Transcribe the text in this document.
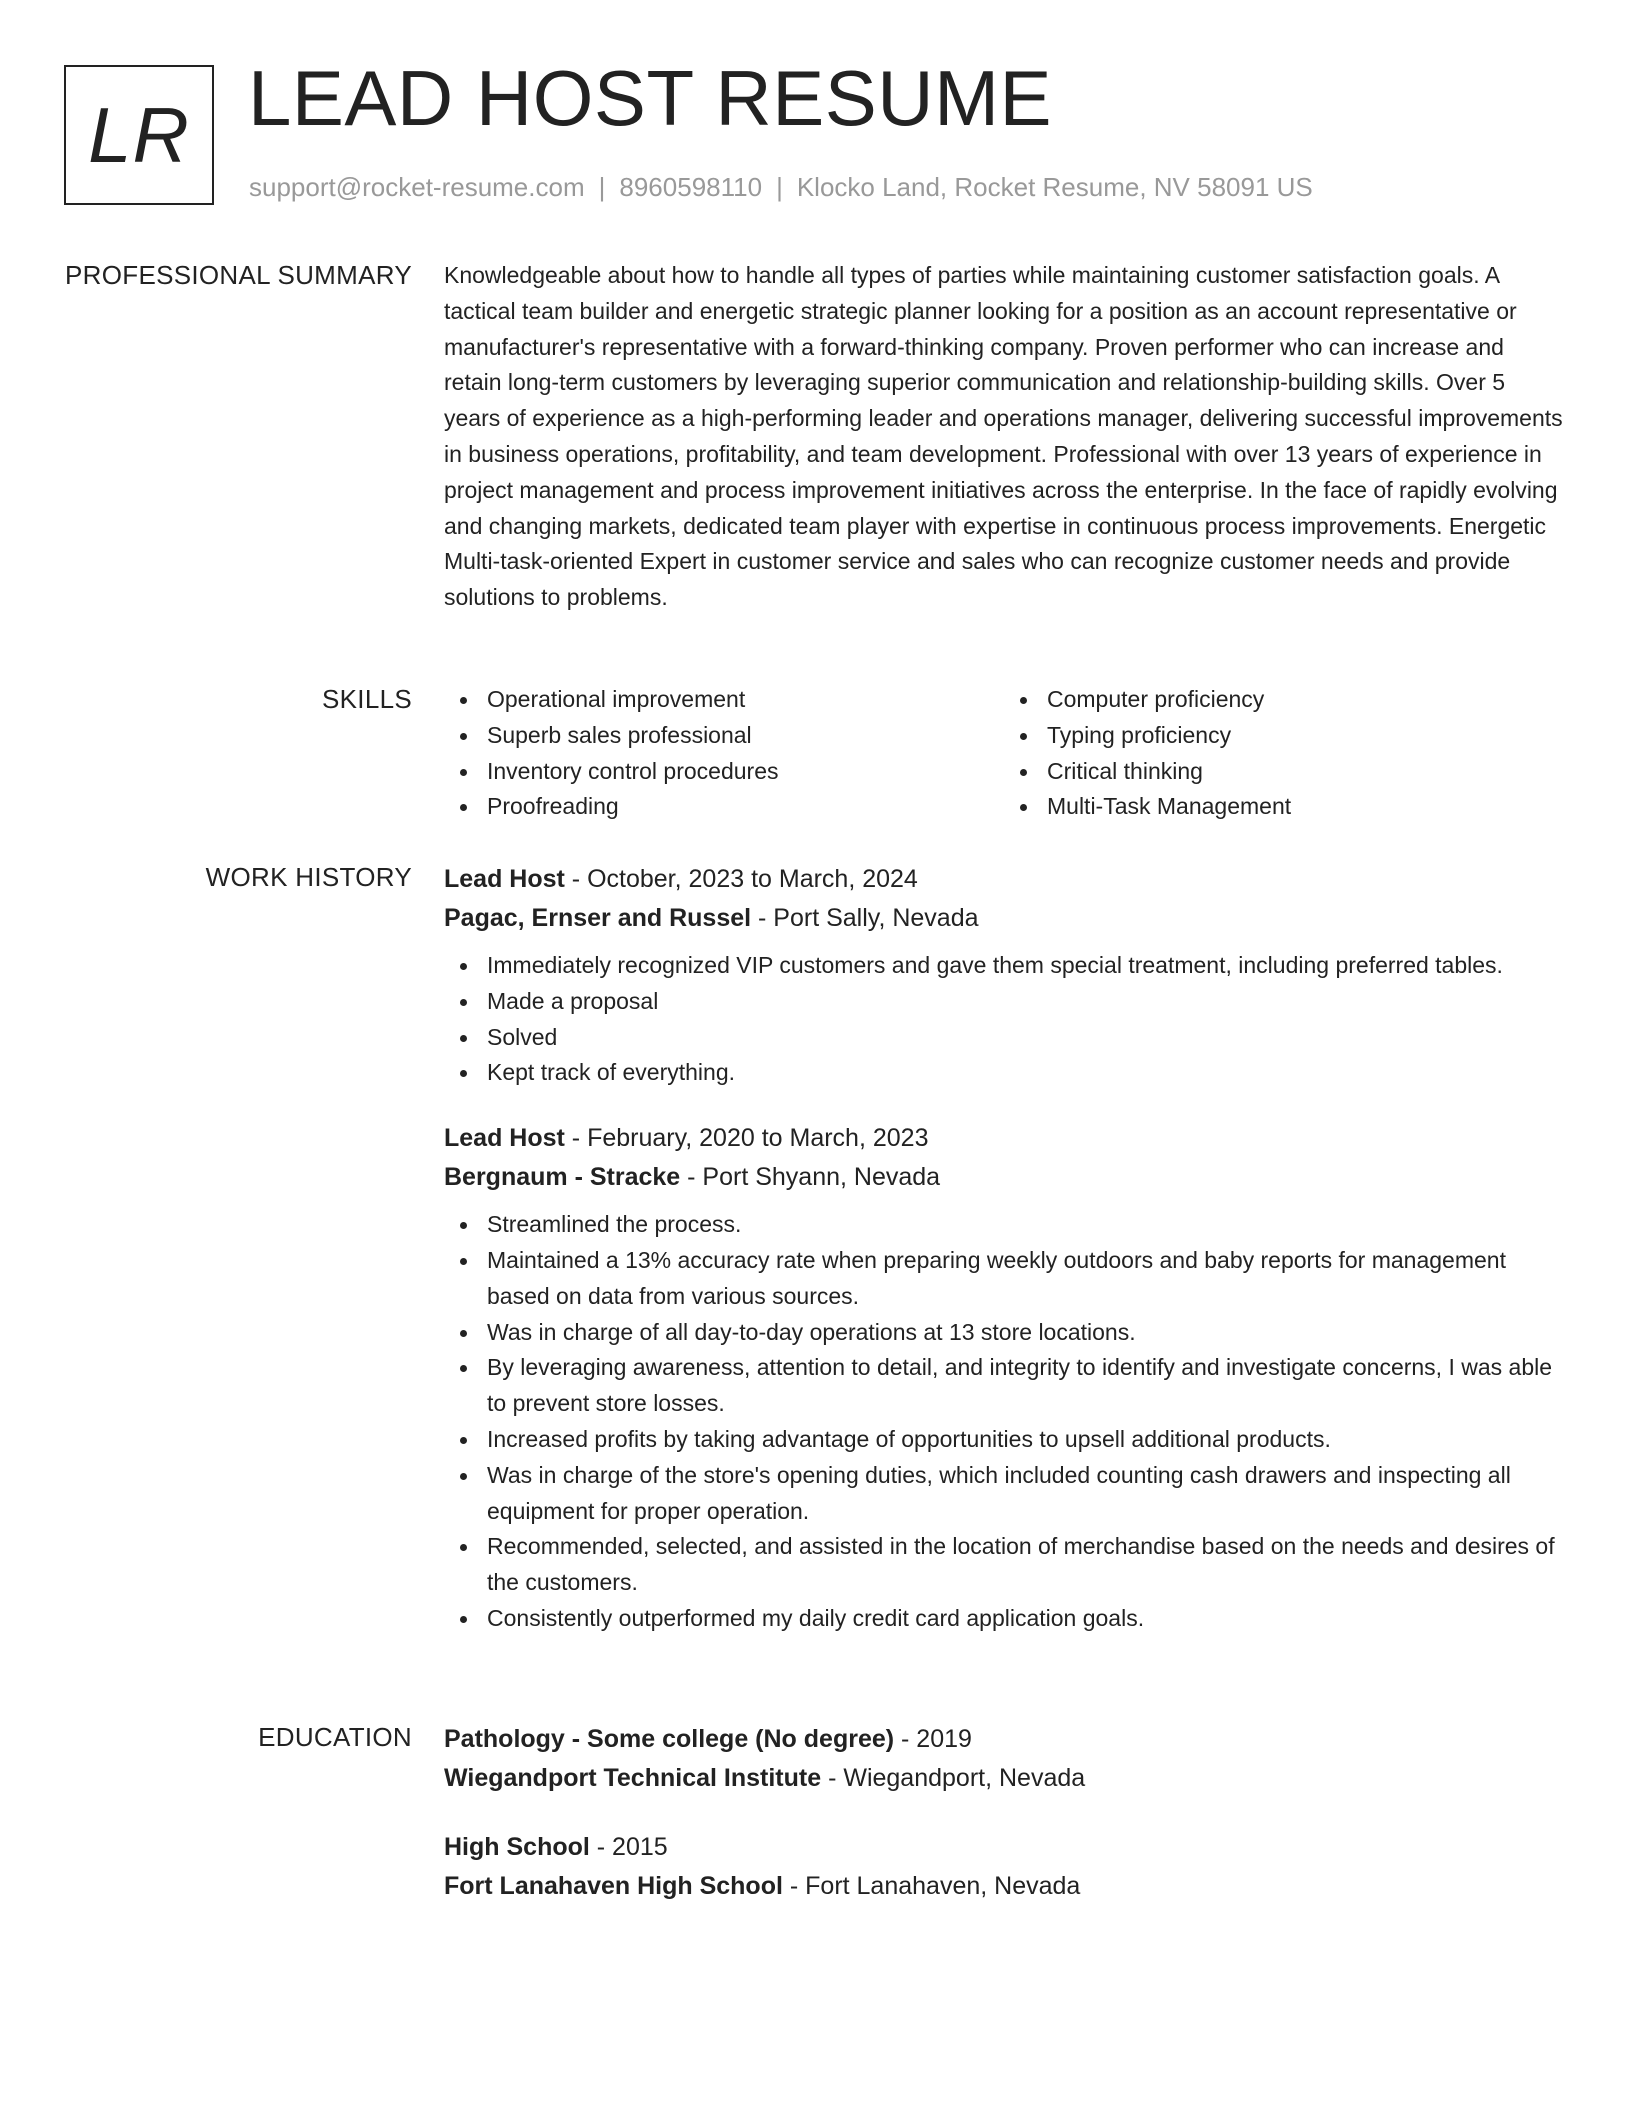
LR LEAD HOST RESUME
support@rocket-resume.com | 8960598110 | Klocko Land, Rocket Resume, NV 58091 US
PROFESSIONAL SUMMARY Knowledgeable about how to handle all types of parties while maintaining customer satisfaction goals. A tactical team builder and energetic strategic planner looking for a position as an account representative or manufacturer's representative with a forward-thinking company. Proven performer who can increase and retain long-term customers by leveraging superior communication and relationship-building skills. Over 5 years of experience as a high-performing leader and operations manager, delivering successful improvements in business operations, profitability, and team development. Professional with over 13 years of experience in project management and process improvement initiatives across the enterprise. In the face of rapidly evolving and changing markets, dedicated team player with expertise in continuous process improvements. Energetic Multi-task-oriented Expert in customer service and sales who can recognize customer needs and provide solutions to problems.
SKILLS	Operational improvement
Superb sales professional
Inventory control procedures
Proofreading
Computer proficiency
Typing proficiency
Critical thinking
Multi-Task Management
WORK HISTORY Lead Host - October, 2023 to March, 2024
Pagac, Ernser and Russel - Port Sally, Nevada
Immediately recognized VIP customers and gave them special treatment, including preferred tables.
Made a proposal
Solved
Kept track of everything.
Lead Host - February, 2020 to March, 2023
Bergnaum - Stracke - Port Shyann, Nevada
Streamlined the process.
Maintained a 13% accuracy rate when preparing weekly outdoors and baby reports for management based on data from various sources.
Was in charge of all day-to-day operations at 13 store locations.
By leveraging awareness, attention to detail, and integrity to identify and investigate concerns, I was able to prevent store losses.
Increased profits by taking advantage of opportunities to upsell additional products.
Was in charge of the store's opening duties, which included counting cash drawers and inspecting all equipment for proper operation.
Recommended, selected, and assisted in the location of merchandise based on the needs and desires of the customers.
Consistently outperformed my daily credit card application goals.
EDUCATION Pathology - Some college (No degree) - 2019
Wiegandport Technical Institute - Wiegandport, Nevada
High School - 2015
Fort Lanahaven High School - Fort Lanahaven, Nevada
